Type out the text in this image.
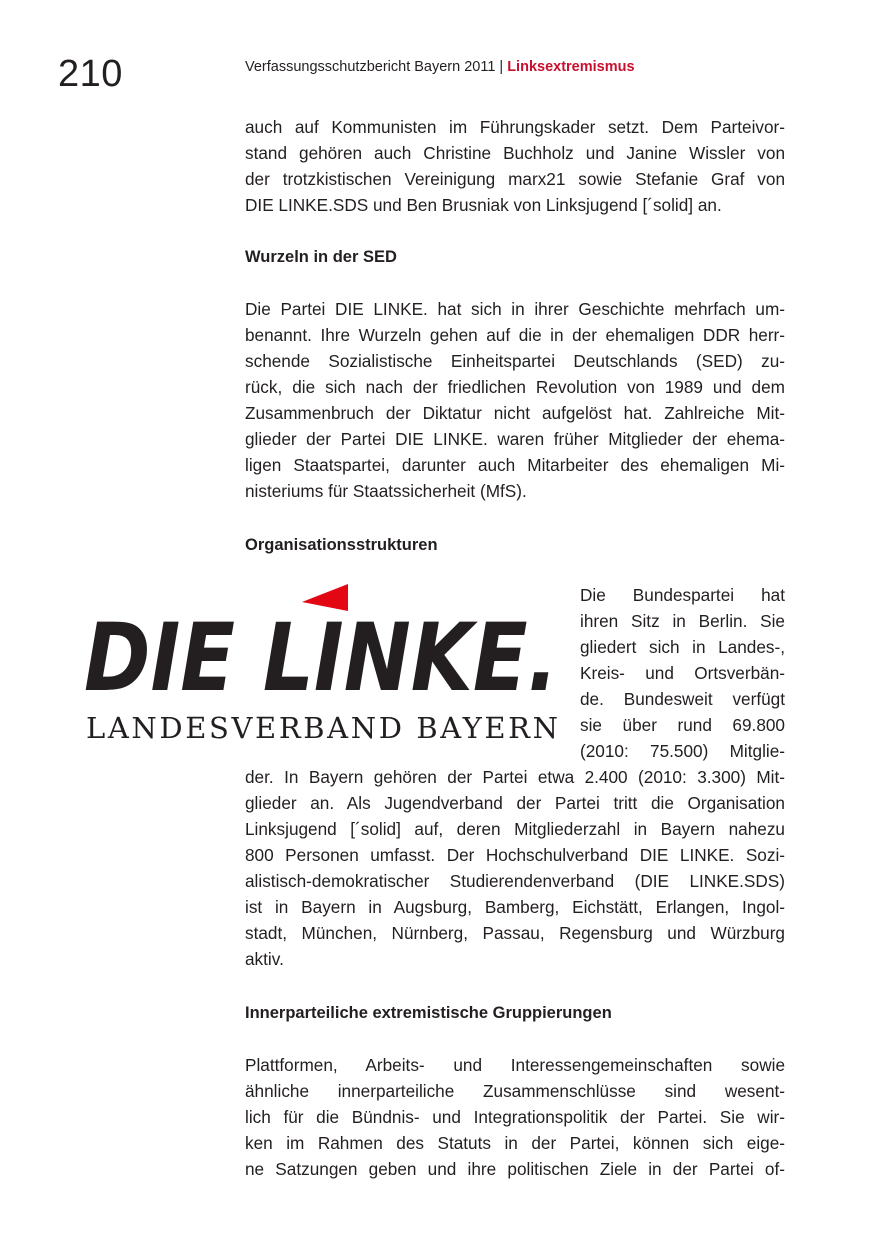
210	Verfassungsschutzbericht Bayern 2011 | Linksextremismus
auch auf Kommunisten im Führungskader setzt. Dem Parteivor-
stand gehören auch Christine Buchholz und Janine Wissler von
der trotzkistischen Vereinigung marx21 sowie Stefanie Graf von
DIE LINKE.SDS und Ben Brusniak von Linksjugend [´solid] an.
Wurzeln in der SED
Die Partei DIE LINKE. hat sich in ihrer Geschichte mehrfach um-
benannt. Ihre Wurzeln gehen auf die in der ehemaligen DDR herr-
schende Sozialistische Einheitspartei Deutschlands (SED) zu-
rück, die sich nach der friedlichen Revolution von 1989 und dem
Zusammenbruch der Diktatur nicht aufgelöst hat. Zahlreiche Mit-
glieder der Partei DIE LINKE. waren früher Mitglieder der ehema-
ligen Staatspartei, darunter auch Mitarbeiter des ehemaligen Mi-
nisteriums für Staatssicherheit (MfS).
Organisationsstrukturen
DIE LINKE.
LANDESVERBAND BAYERN
Die Bundespartei hat
ihren Sitz in Berlin. Sie
gliedert sich in Landes-,
Kreis- und Ortsverbän-
de. Bundesweit verfügt
sie über rund 69.800
(2010: 75.500) Mitglie-
der. In Bayern gehören der Partei etwa 2.400 (2010: 3.300) Mit-
glieder an. Als Jugendverband der Partei tritt die Organisation
Linksjugend [´solid] auf, deren Mitgliederzahl in Bayern nahezu
800 Personen umfasst. Der Hochschulverband DIE LINKE. Sozi-
alistisch-demokratischer Studierendenverband (DIE LINKE.SDS)
ist in Bayern in Augsburg, Bamberg, Eichstätt, Erlangen, Ingol-
stadt, München, Nürnberg, Passau, Regensburg und Würzburg
aktiv.
Innerparteiliche extremistische Gruppierungen
Plattformen, Arbeits- und Interessengemeinschaften sowie
ähnliche innerparteiliche Zusammenschlüsse sind wesent-
lich für die Bündnis- und Integrationspolitik der Partei. Sie wir-
ken im Rahmen des Statuts in der Partei, können sich eige-
ne Satzungen geben und ihre politischen Ziele in der Partei of-
